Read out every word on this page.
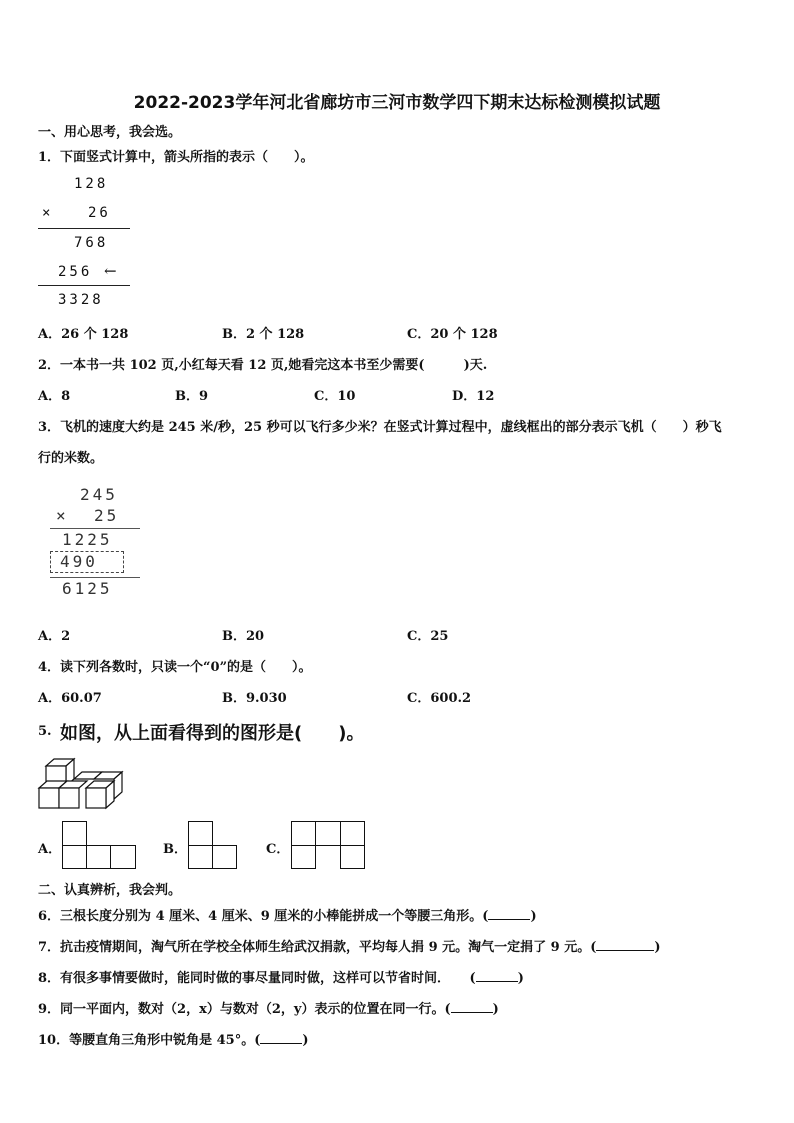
2022-2023学年河北省廊坊市三河市数学四下期末达标检测模拟试题
一、用心思考，我会选。
1．下面竖式计算中，箭头所指的表示（　　）。
128
× 26
768
256 ←
3328
A．26 个 128	B．2 个 128	C．20 个 128
2．一本书一共 102 页,小红每天看 12 页,她看完这本书至少需要(　　　)天.
A．8	B．9	C．10	D．12
3．飞机的速度大约是 245 米/秒，25 秒可以飞行多少米？在竖式计算过程中，虚线框出的部分表示飞机（　　）秒飞
行的米数。
245
× 25
1225
490
6125
A．2	B．20	C．25
4．读下列各数时，只读一个“0”的是（　　）。
A．60.07	B．9.030	C．600.2
5. 如图，从上面看得到的图形是(　　)。
A．	B．	C．
二、认真辨析，我会判。
6．三根长度分别为 4 厘米、4 厘米、9 厘米的小棒能拼成一个等腰三角形。(	)
7．抗击疫情期间，淘气所在学校全体师生给武汉捐款，平均每人捐 9 元。淘气一定捐了 9 元。(	)
8．有很多事情要做时，能同时做的事尽量同时做，这样可以节省时间．　　(	)
9．同一平面内，数对（2，x）与数对（2，y）表示的位置在同一行。(	)
10．等腰直角三角形中锐角是 45°。(	)
